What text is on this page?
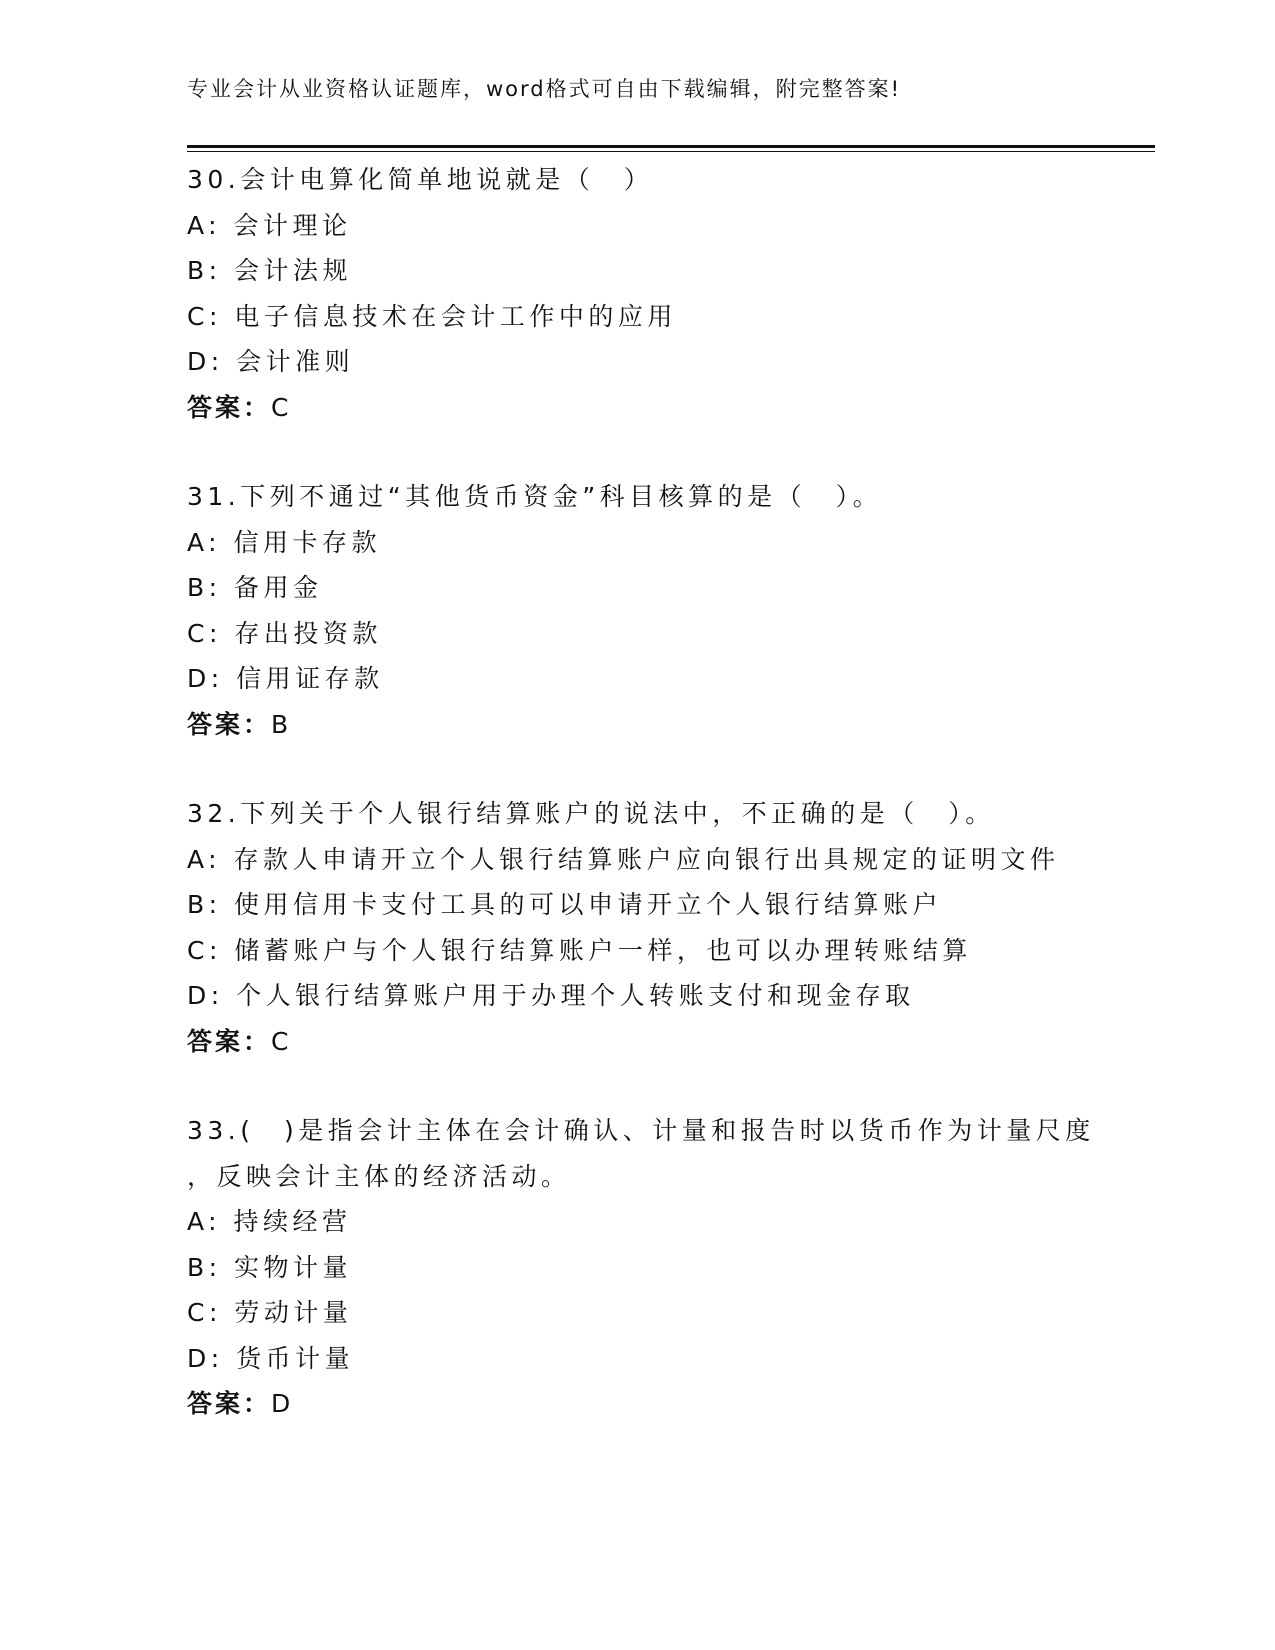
专业会计从业资格认证题库，word格式可自由下载编辑，附完整答案!
30.会计电算化简单地说就是（　）
A: 会计理论
B: 会计法规
C: 电子信息技术在会计工作中的应用
D: 会计准则
答案：C
31.下列不通过“其他货币资金”科目核算的是（　）。
A: 信用卡存款
B: 备用金
C: 存出投资款
D: 信用证存款
答案：B
32.下列关于个人银行结算账户的说法中，不正确的是（　）。
A: 存款人申请开立个人银行结算账户应向银行出具规定的证明文件
B: 使用信用卡支付工具的可以申请开立个人银行结算账户
C: 储蓄账户与个人银行结算账户一样，也可以办理转账结算
D: 个人银行结算账户用于办理个人转账支付和现金存取
答案：C
33.(　)是指会计主体在会计确认、计量和报告时以货币作为计量尺度
，反映会计主体的经济活动。
A: 持续经营
B: 实物计量
C: 劳动计量
D: 货币计量
答案：D
